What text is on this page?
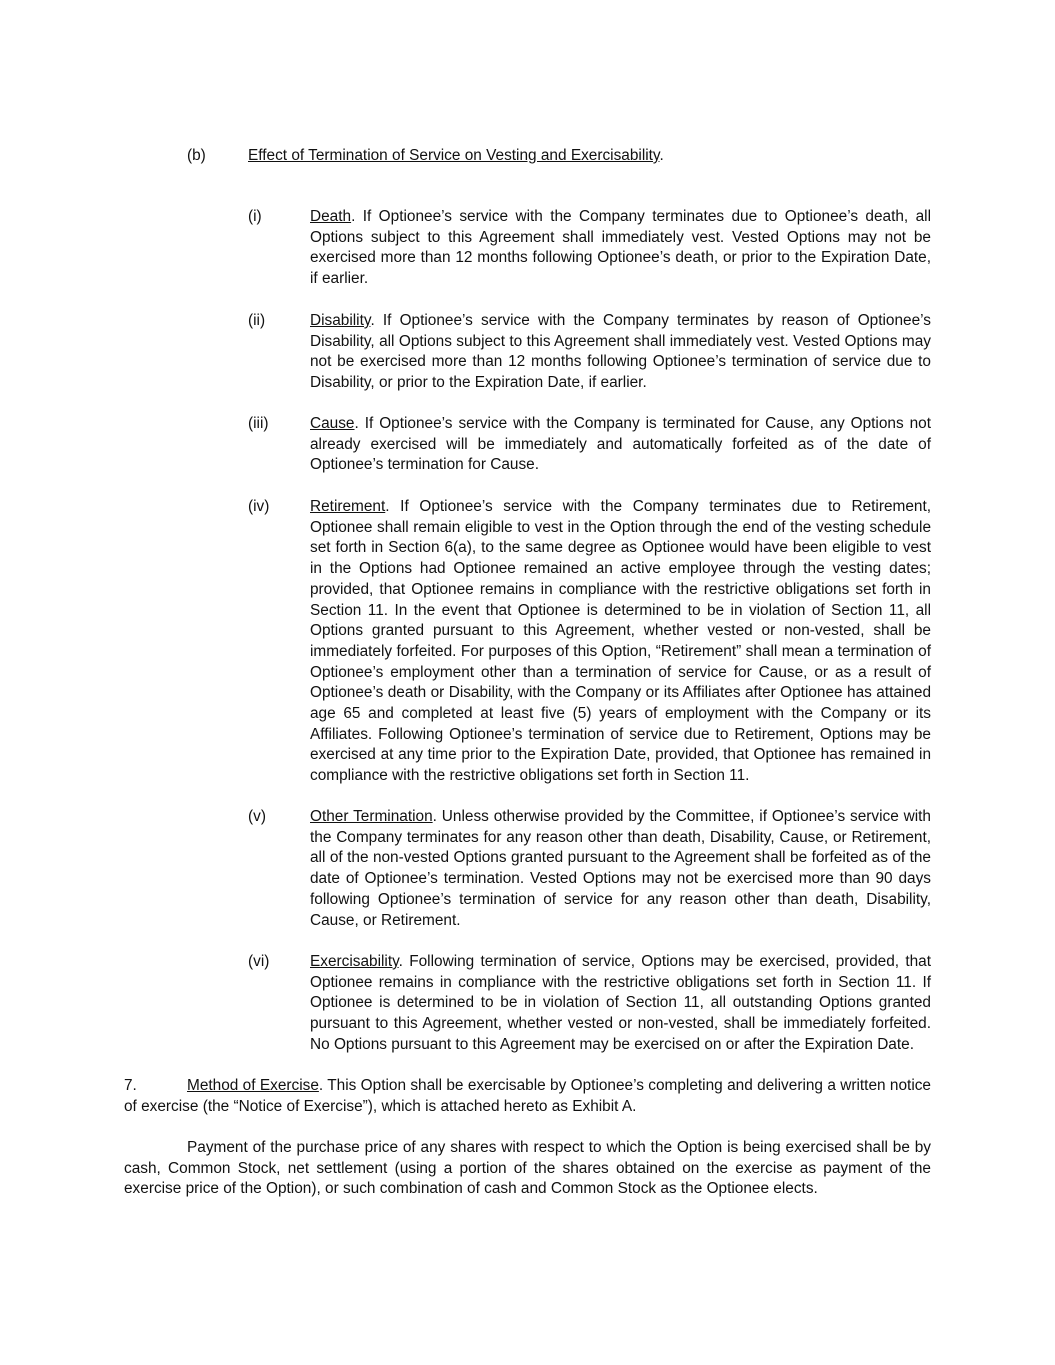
(b)	Effect of Termination of Service on Vesting and Exercisability.
(i)	Death. If Optionee’s service with the Company terminates due to Optionee’s death, all Options subject to this Agreement shall immediately vest. Vested Options may not be exercised more than 12 months following Optionee’s death, or prior to the Expiration Date, if earlier.
(ii)	Disability. If Optionee’s service with the Company terminates by reason of Optionee’s Disability, all Options subject to this Agreement shall immediately vest. Vested Options may not be exercised more than 12 months following Optionee’s termination of service due to Disability, or prior to the Expiration Date, if earlier.
(iii)	Cause. If Optionee’s service with the Company is terminated for Cause, any Options not already exercised will be immediately and automatically forfeited as of the date of Optionee’s termination for Cause.
(iv)	Retirement. If Optionee’s service with the Company terminates due to Retirement, Optionee shall remain eligible to vest in the Option through the end of the vesting schedule set forth in Section 6(a), to the same degree as Optionee would have been eligible to vest in the Options had Optionee remained an active employee through the vesting dates; provided, that Optionee remains in compliance with the restrictive obligations set forth in Section 11. In the event that Optionee is determined to be in violation of Section 11, all Options granted pursuant to this Agreement, whether vested or non-vested, shall be immediately forfeited. For purposes of this Option, “Retirement” shall mean a termination of Optionee’s employment other than a termination of service for Cause, or as a result of Optionee’s death or Disability, with the Company or its Affiliates after Optionee has attained age 65 and completed at least five (5) years of employment with the Company or its Affiliates. Following Optionee’s termination of service due to Retirement, Options may be exercised at any time prior to the Expiration Date, provided, that Optionee has remained in compliance with the restrictive obligations set forth in Section 11.
(v)	Other Termination. Unless otherwise provided by the Committee, if Optionee’s service with the Company terminates for any reason other than death, Disability, Cause, or Retirement, all of the non-vested Options granted pursuant to the Agreement shall be forfeited as of the date of Optionee’s termination. Vested Options may not be exercised more than 90 days following Optionee’s termination of service for any reason other than death, Disability, Cause, or Retirement.
(vi)	Exercisability. Following termination of service, Options may be exercised, provided, that Optionee remains in compliance with the restrictive obligations set forth in Section 11. If Optionee is determined to be in violation of Section 11, all outstanding Options granted pursuant to this Agreement, whether vested or non-vested, shall be immediately forfeited. No Options pursuant to this Agreement may be exercised on or after the Expiration Date.
7.	Method of Exercise. This Option shall be exercisable by Optionee’s completing and delivering a written notice of exercise (the “Notice of Exercise”), which is attached hereto as Exhibit A.
Payment of the purchase price of any shares with respect to which the Option is being exercised shall be by cash, Common Stock, net settlement (using a portion of the shares obtained on the exercise as payment of the exercise price of the Option), or such combination of cash and Common Stock as the Optionee elects.
